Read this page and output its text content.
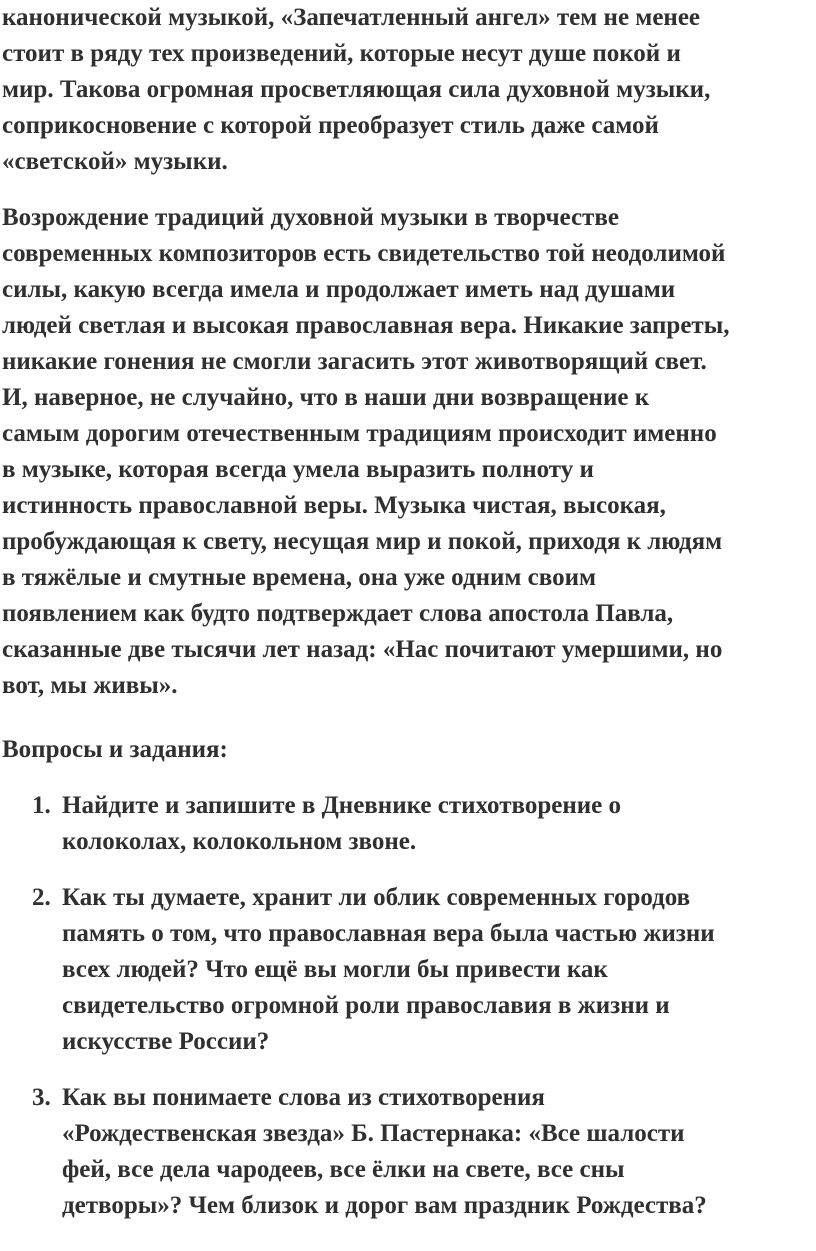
канонической музыкой, «Запечатленный ангел» тем не менее
стоит в ряду тех произведений, которые несут душе покой и
мир. Такова огромная просветляющая сила духовной музыки,
соприкосновение с которой преобразует стиль даже самой
«светской» музыки.

Возрождение традиций духовной музыки в творчестве
современных композиторов есть свидетельство той неодолимой
силы, какую всегда имела и продолжает иметь над душами
людей светлая и высокая православная вера. Никакие запреты,
никакие гонения не смогли загасить этот животворящий свет.
И, наверное, не случайно, что в наши дни возвращение к
самым дорогим отечественным традициям происходит именно
в музыке, которая всегда умела выразить полноту и
истинность православной веры. Музыка чистая, высокая,
пробуждающая к свету, несущая мир и покой, приходя к людям
в тяжёлые и смутные времена, она уже одним своим
появлением как будто подтверждает слова апостола Павла,
сказанные две тысячи лет назад: «Нас почитают умершими, но
вот, мы живы».

Вопросы и задания:

1. Найдите и запишите в Дневнике стихотворение о
колоколах, колокольном звоне.
2. Как ты думаете, хранит ли облик современных городов
память о том, что православная вера была частью жизни
всех людей? Что ещё вы могли бы привести как
свидетельство огромной роли православия в жизни и
искусстве России?
3. Как вы понимаете слова из стихотворения
«Рождественская звезда» Б. Пастернака: «Все шалости
фей, все дела чародеев, все ёлки на свете, все сны
детворы»? Чем близок и дорог вам праздник Рождества?
